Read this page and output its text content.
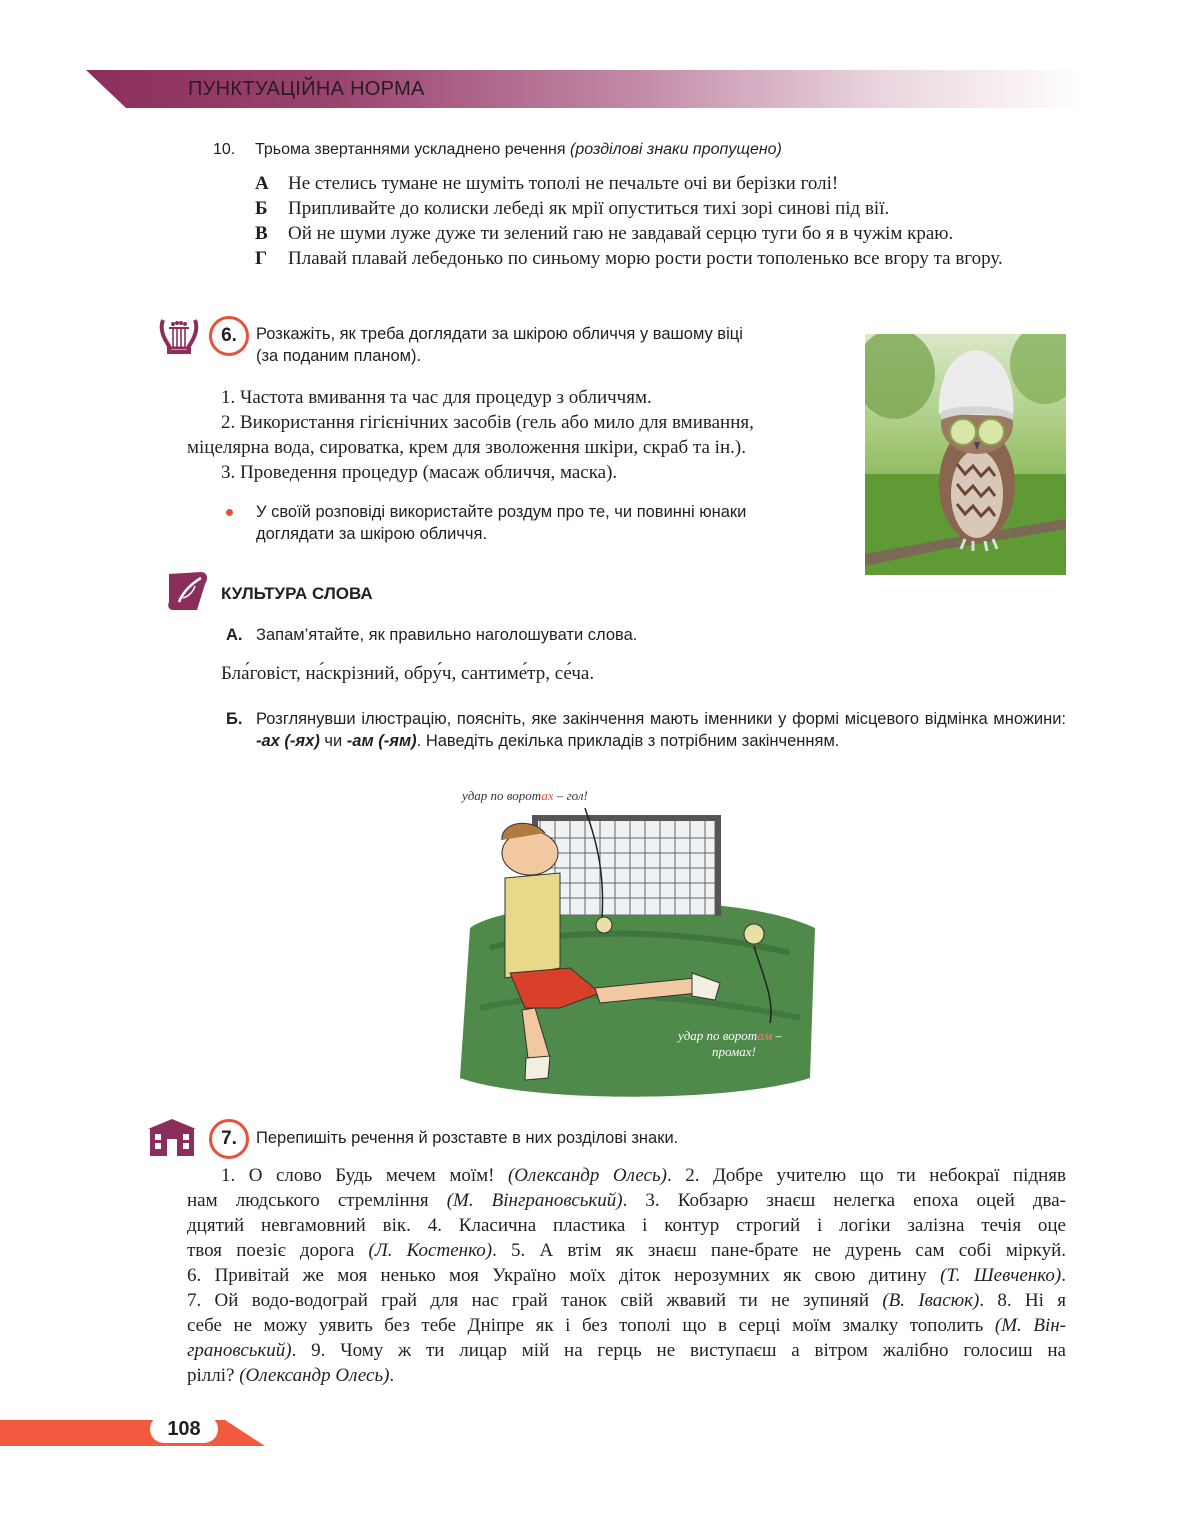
ПУНКТУАЦІЙНА НОРМА
10. Трьома звертаннями ускладнено речення (розділові знаки пропущено)
А Не стелись тумане не шуміть тополі не печальте очі ви берізки голі!
Б Припливайте до колиски лебеді як мрії опуститься тихі зорі синові під вії.
В Ой не шуми луже дуже ти зелений гаю не завдавай серцю туги бо я в чужім краю.
Г Плавай плавай лебедонько по синьому морю рости рости тополенько все вгору та вгору.
6.	Розкажіть, як треба доглядати за шкірою обличчя у вашому віці
(за поданим планом).
1. Частота вмивання та час для процедур з обличчям.
2. Використання гігієнічних засобів (гель або мило для вмивання,
міцелярна вода, сироватка, крем для зволоження шкіри, скраб та ін.).
3. Проведення процедур (масаж обличчя, маска).
У своїй розповіді використайте роздум про те, чи повинні юнаки
доглядати за шкірою обличчя.
КУЛЬТУРА СЛОВА
А. Запам’ятайте, як правильно наголошувати слова.
Бла́говіст, на́скрізний, обру́ч, сантиме́тр, се́ча.
Б. Розглянувши ілюстрацію, поясніть, яке закінчення мають іменники у формі місцевого відмінка множини: -ах (-ях) чи -ам (-ям). Наведіть декілька прикладів з потрібним закінченням.
удар по воротах – гол!
удар по воротам –
промах!
7.	Перепишіть речення й розставте в них розділові знаки.
1. О слово Будь мечем моїм! (Олександр Олесь). 2. Добре учителю що ти небокраї підняв
нам людського стремління (М. Вінграновський). 3. Кобзарю знаєш нелегка епоха оцей два-
дцятий невгамовний вік. 4. Класична пластика і контур строгий і логіки залізна течія оце
твоя поезіє дорога (Л. Костенко). 5. А втім як знаєш пане-брате не дурень сам собі міркуй.
6. Привітай же моя ненько моя Україно моїх діток нерозумних як свою дитину (Т. Шевченко).
7. Ой водо-водограй грай для нас грай танок свій жвавий ти не зупиняй (В. Івасюк). 8. Ні я
себе не можу уявить без тебе Дніпре як і без тополі що в серці моїм змалку тополить (М. Він-
грановський). 9. Чому ж ти лицар мій на герць не виступаєш а вітром жалібно голосиш на
ріллі? (Олександр Олесь).
108
